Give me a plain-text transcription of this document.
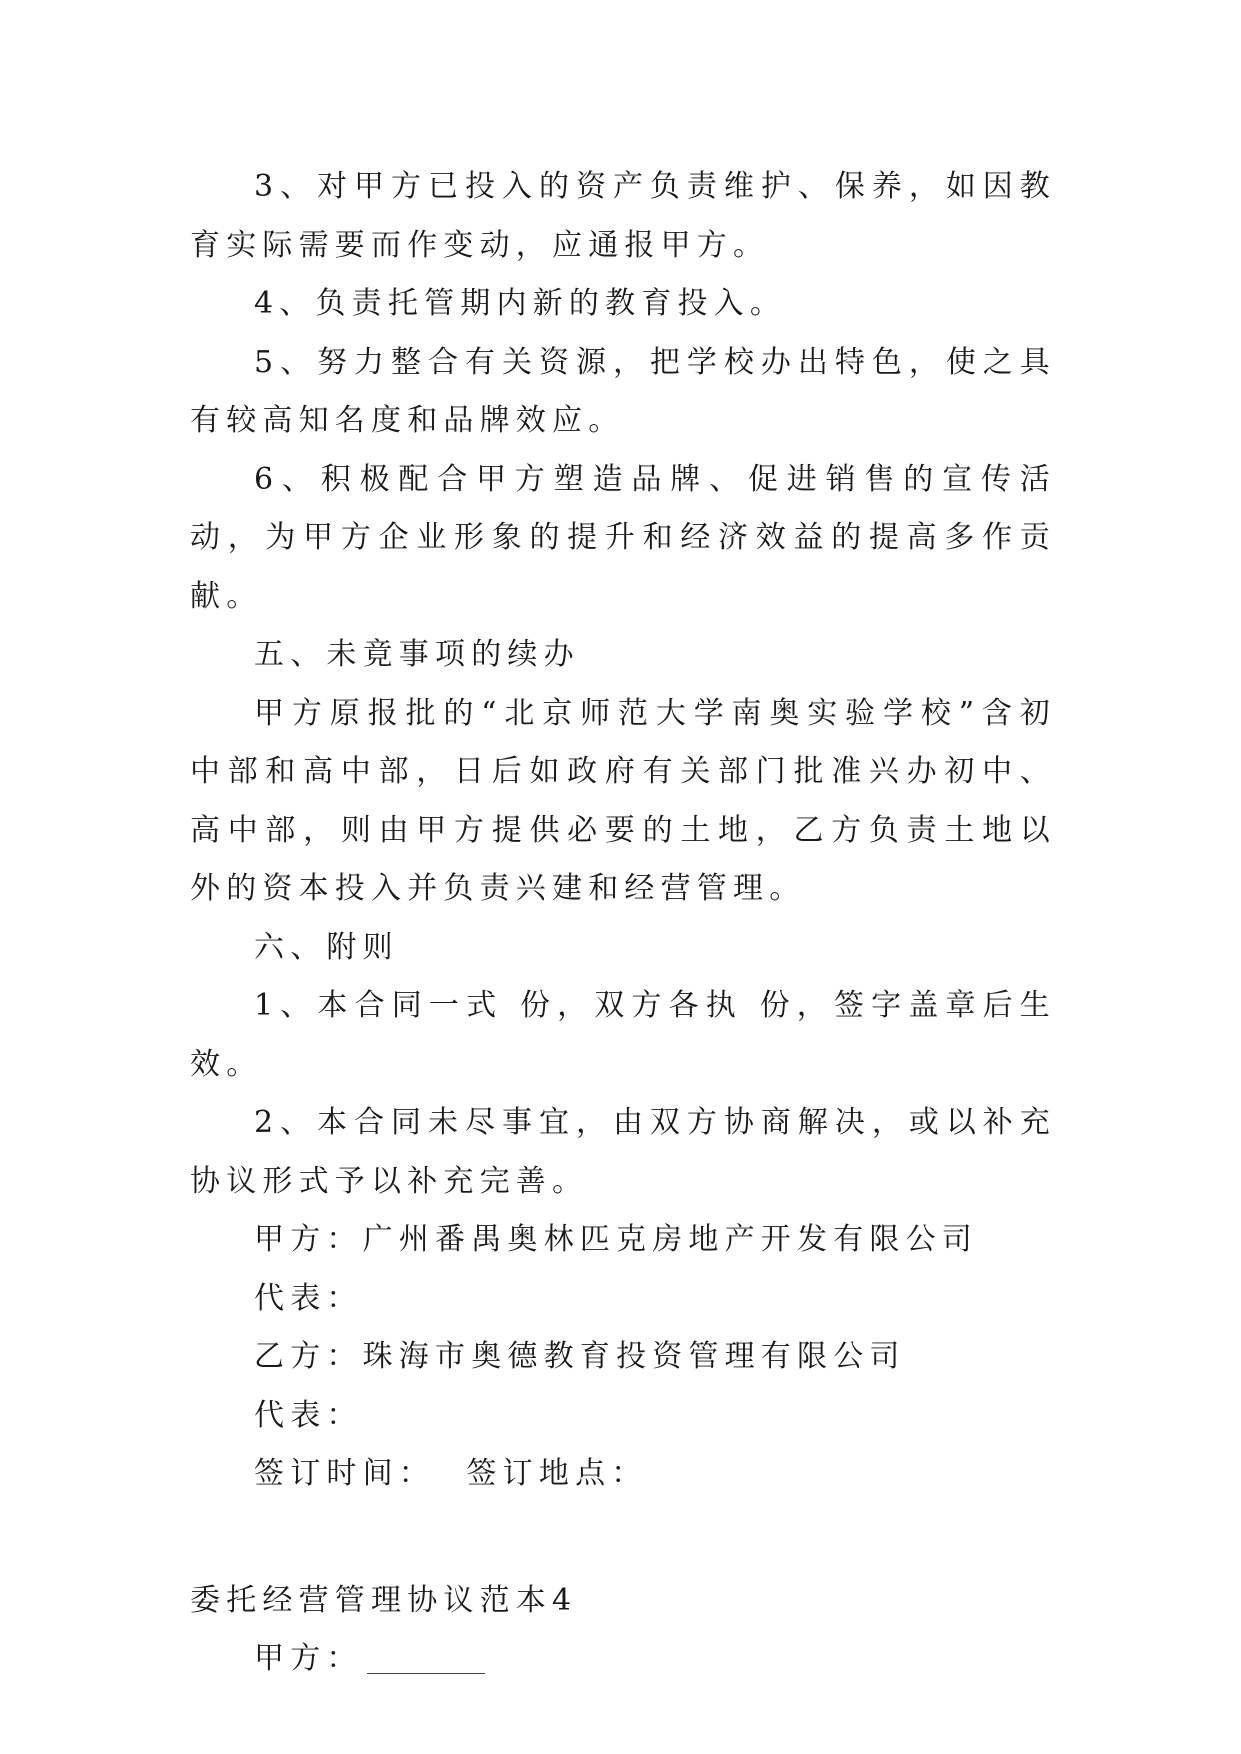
3、对甲方已投入的资产负责维护、保养，如因教育实际需要而作变动，应通报甲方。

4、负责托管期内新的教育投入。

5、努力整合有关资源，把学校办出特色，使之具有较高知名度和品牌效应。

6、积极配合甲方塑造品牌、促进销售的宣传活动，为甲方企业形象的提升和经济效益的提高多作贡献。

五、未竟事项的续办

甲方原报批的“北京师范大学南奥实验学校”含初中部和高中部，日后如政府有关部门批准兴办初中、高中部，则由甲方提供必要的土地，乙方负责土地以外的资本投入并负责兴建和经营管理。

六、附则

1、本合同一式 份，双方各执 份，签字盖章后生效。

2、本合同未尽事宜，由双方协商解决，或以补充协议形式予以补充完善。

甲方：广州番禺奥林匹克房地产开发有限公司

代表：

乙方：珠海市奥德教育投资管理有限公司

代表：

签订时间：  签订地点：

委托经营管理协议范本4

甲方：
